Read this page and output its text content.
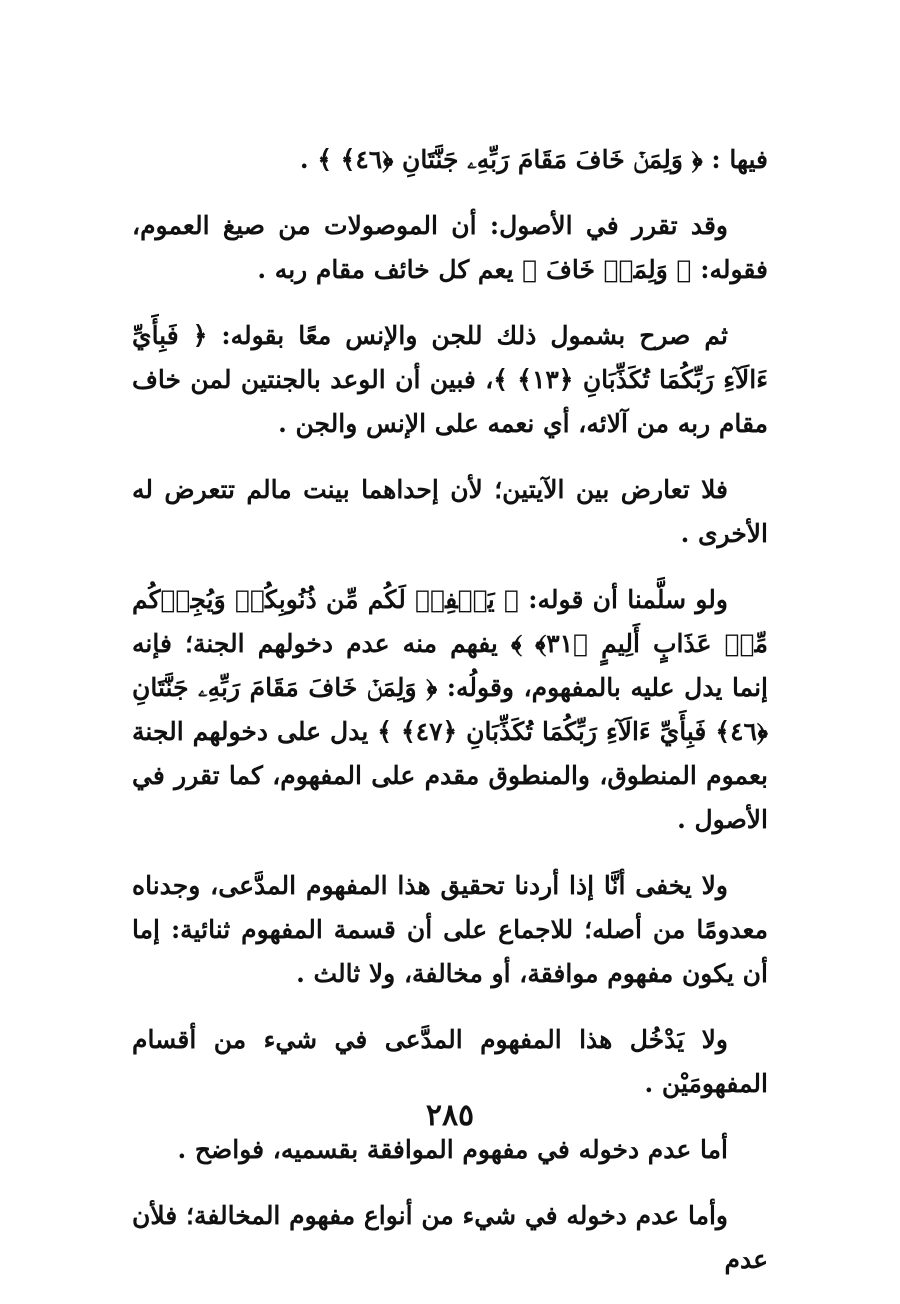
فيها : ﴿ وَلِمَنۡ خَافَ مَقَامَ رَبِّهِۦ جَنَّتَانِ ﴿٤٦﴾ ﴾ .

وقد تقرر في الأصول: أن الموصولات من صيغ العموم، فقوله: ﴿ وَلِمَنۡ خَافَ ﴾ يعم كل خائف مقام ربه .

ثم صرح بشمول ذلك للجن والإنس معًا بقوله: ﴿ فَبِأَيِّ ءَالَآءِ رَبِّكُمَا تُكَذِّبَانِ ﴿١٣﴾ ﴾، فبين أن الوعد بالجنتين لمن خاف مقام ربه من آلائه، أي نعمه على الإنس والجن .

فلا تعارض بين الآيتين؛ لأن إحداهما بينت مالم تتعرض له الأخرى .

ولو سلَّمنا أن قوله: ﴿ يَغۡفِرۡ لَكُم مِّن ذُنُوبِكُمۡ وَيُجِرۡكُم مِّنۡ عَذَابٍ أَلِيمٍ ﴿٣١﴾ ﴾ يفهم منه عدم دخولهم الجنة؛ فإنه إنما يدل عليه بالمفهوم، وقولُه: ﴿ وَلِمَنۡ خَافَ مَقَامَ رَبِّهِۦ جَنَّتَانِ ﴿٤٦﴾ فَبِأَيِّ ءَالَآءِ رَبِّكُمَا تُكَذِّبَانِ ﴿٤٧﴾ ﴾ يدل على دخولهم الجنة بعموم المنطوق، والمنطوق مقدم على المفهوم، كما تقرر في الأصول .

ولا يخفى أنَّا إذا أردنا تحقيق هذا المفهوم المدَّعى، وجدناه معدومًا من أصله؛ للاجماع على أن قسمة المفهوم ثنائية: إما أن يكون مفهوم موافقة، أو مخالفة، ولا ثالث .

ولا يَدْخُل هذا المفهوم المدَّعى في شيء من أقسام المفهومَيْن .

أما عدم دخوله في مفهوم الموافقة بقسميه، فواضح .

وأما عدم دخوله في شيء من أنواع مفهوم المخالفة؛ فلأن عدم

٢٨٥
